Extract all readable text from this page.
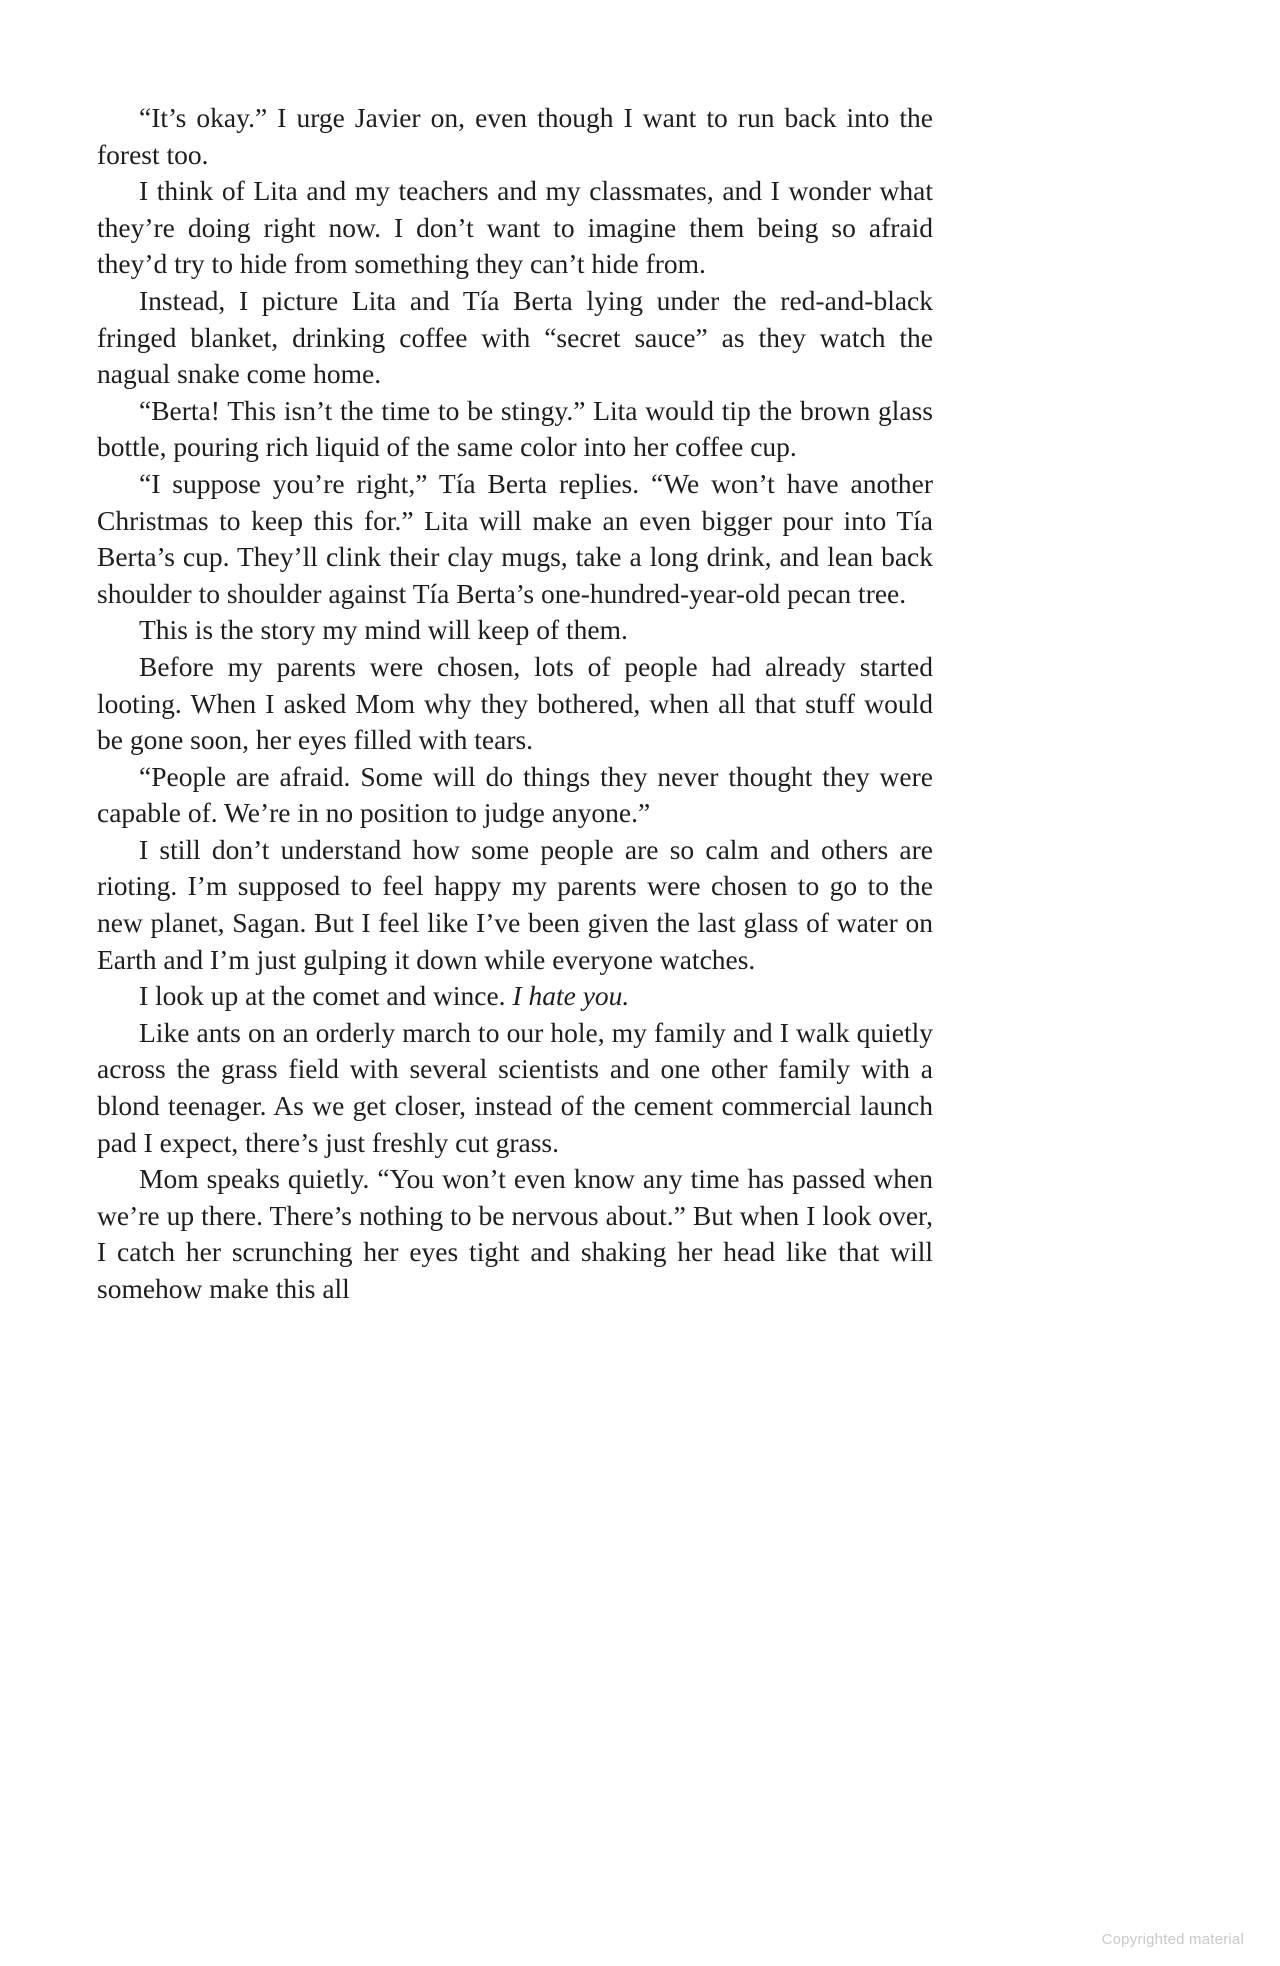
“It’s okay.” I urge Javier on, even though I want to run back into the forest too.

I think of Lita and my teachers and my classmates, and I wonder what they’re doing right now. I don’t want to imagine them being so afraid they’d try to hide from something they can’t hide from.

Instead, I picture Lita and Tía Berta lying under the red-and-black fringed blanket, drinking coffee with “secret sauce” as they watch the nagual snake come home.

“Berta! This isn’t the time to be stingy.” Lita would tip the brown glass bottle, pouring rich liquid of the same color into her coffee cup.

“I suppose you’re right,” Tía Berta replies. “We won’t have another Christmas to keep this for.” Lita will make an even bigger pour into Tía Berta’s cup. They’ll clink their clay mugs, take a long drink, and lean back shoulder to shoulder against Tía Berta’s one-hundred-year-old pecan tree.

This is the story my mind will keep of them.

Before my parents were chosen, lots of people had already started looting. When I asked Mom why they bothered, when all that stuff would be gone soon, her eyes filled with tears.

“People are afraid. Some will do things they never thought they were capable of. We’re in no position to judge anyone.”

I still don’t understand how some people are so calm and others are rioting. I’m supposed to feel happy my parents were chosen to go to the new planet, Sagan. But I feel like I’ve been given the last glass of water on Earth and I’m just gulping it down while everyone watches.

I look up at the comet and wince. I hate you.

Like ants on an orderly march to our hole, my family and I walk quietly across the grass field with several scientists and one other family with a blond teenager. As we get closer, instead of the cement commercial launch pad I expect, there’s just freshly cut grass.

Mom speaks quietly. “You won’t even know any time has passed when we’re up there. There’s nothing to be nervous about.” But when I look over, I catch her scrunching her eyes tight and shaking her head like that will somehow make this all

Copyrighted material
